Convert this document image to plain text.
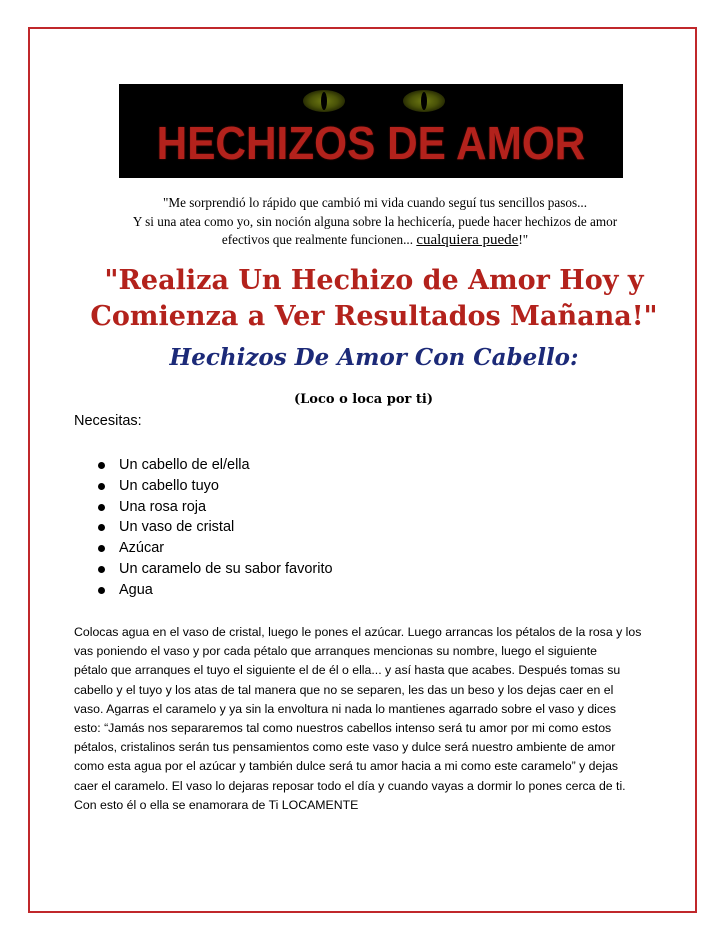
HECHIZOS DE AMOR
"Me sorprendió lo rápido que cambió mi vida cuando seguí tus sencillos pasos...
Y si una atea como yo, sin noción alguna sobre la hechicería, puede hacer hechizos de amor
efectivos que realmente funcionen... cualquiera puede!"
"Realiza Un Hechizo de Amor Hoy y
Comienza a Ver Resultados Mañana!"
Hechizos De Amor Con Cabello:
(Loco o loca por ti)
Necesitas:
Un cabello de el/ella
Un cabello tuyo
Una rosa roja
Un vaso de cristal
Azúcar
Un caramelo de su sabor favorito
Agua
Colocas agua en el vaso de cristal, luego le pones el azúcar. Luego arrancas los pétalos de la rosa y los
vas poniendo el vaso y por cada pétalo que arranques mencionas su nombre, luego el siguiente
pétalo que arranques el tuyo el siguiente el de él o ella... y así hasta que acabes. Después tomas su
cabello y el tuyo y los atas de tal manera que no se separen, les das un beso y los dejas caer en el
vaso. Agarras el caramelo y ya sin la envoltura ni nada lo mantienes agarrado sobre el vaso y dices
esto: “Jamás nos separaremos tal como nuestros cabellos intenso será tu amor por mi como estos
pétalos, cristalinos serán tus pensamientos como este vaso y dulce será nuestro ambiente de amor
como esta agua por el azúcar y también dulce será tu amor hacia a mi como este caramelo” y dejas
caer el caramelo. El vaso lo dejaras reposar todo el día y cuando vayas a dormir lo pones cerca de ti.
Con esto él o ella se enamorara de Ti LOCAMENTE
